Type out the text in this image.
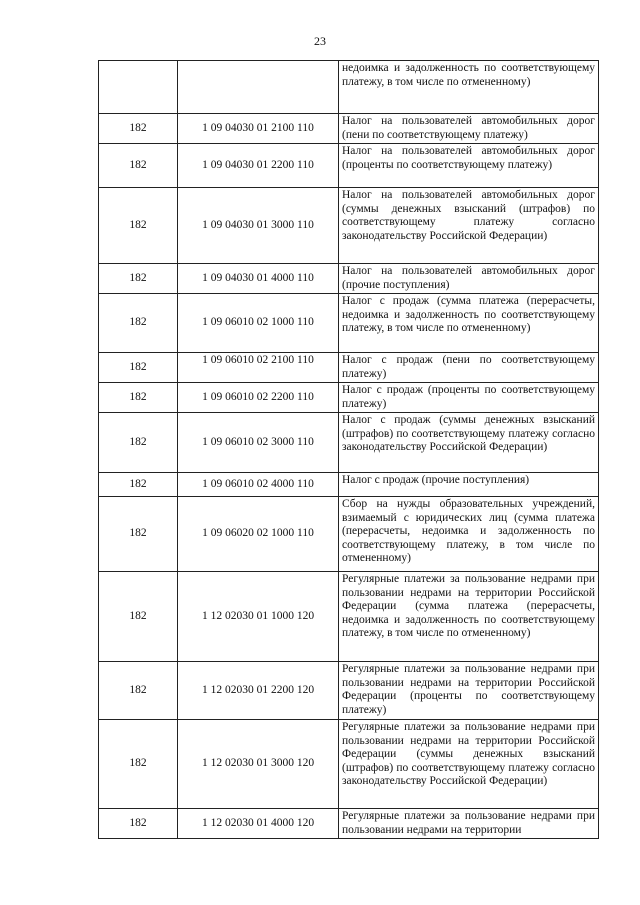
23
		недоимка и задолженность по соответствующему платежу, в том числе по отмененному)
182	1 09 04030 01 2100 110	Налог на пользователей автомобильных дорог (пени по соответствующему платежу)
182	1 09 04030 01 2200 110	Налог на пользователей автомобильных дорог (проценты по соответствующему платежу)
182	1 09 04030 01 3000 110	Налог на пользователей автомобильных дорог (суммы денежных взысканий (штрафов) по соответствующему платежу согласно законодательству Российской Федерации)
182	1 09 04030 01 4000 110	Налог на пользователей автомобильных дорог (прочие поступления)
182	1 09 06010 02 1000 110	Налог с продаж (сумма платежа (перерасчеты, недоимка и задолженность по соответствующему платежу, в том числе по отмененному)
182	1 09 06010 02 2100 110	Налог с продаж (пени по соответствующему платежу)
182	1 09 06010 02 2200 110	Налог с продаж (проценты по соответствующему платежу)
182	1 09 06010 02 3000 110	Налог с продаж (суммы денежных взысканий (штрафов) по соответствующему платежу согласно законодательству Российской Федерации)
182	1 09 06010 02 4000 110	Налог с продаж (прочие поступления)
182	1 09 06020 02 1000 110	Сбор на нужды образовательных учреждений, взимаемый с юридических лиц (сумма платежа (перерасчеты, недоимка и задолженность по соответствующему платежу, в том числе по отмененному)
182	1 12 02030 01 1000 120	Регулярные платежи за пользование недрами при пользовании недрами на территории Российской Федерации (сумма платежа (перерасчеты, недоимка и задолженность по соответствующему платежу, в том числе по отмененному)
182	1 12 02030 01 2200 120	Регулярные платежи за пользование недрами при пользовании недрами на территории Российской Федерации (проценты по соответствующему платежу)
182	1 12 02030 01 3000 120	Регулярные платежи за пользование недрами при пользовании недрами на территории Российской Федерации (суммы денежных взысканий (штрафов) по соответствующему платежу согласно законодательству Российской Федерации)
182	1 12 02030 01 4000 120	Регулярные платежи за пользование недрами при пользовании недрами на территории
